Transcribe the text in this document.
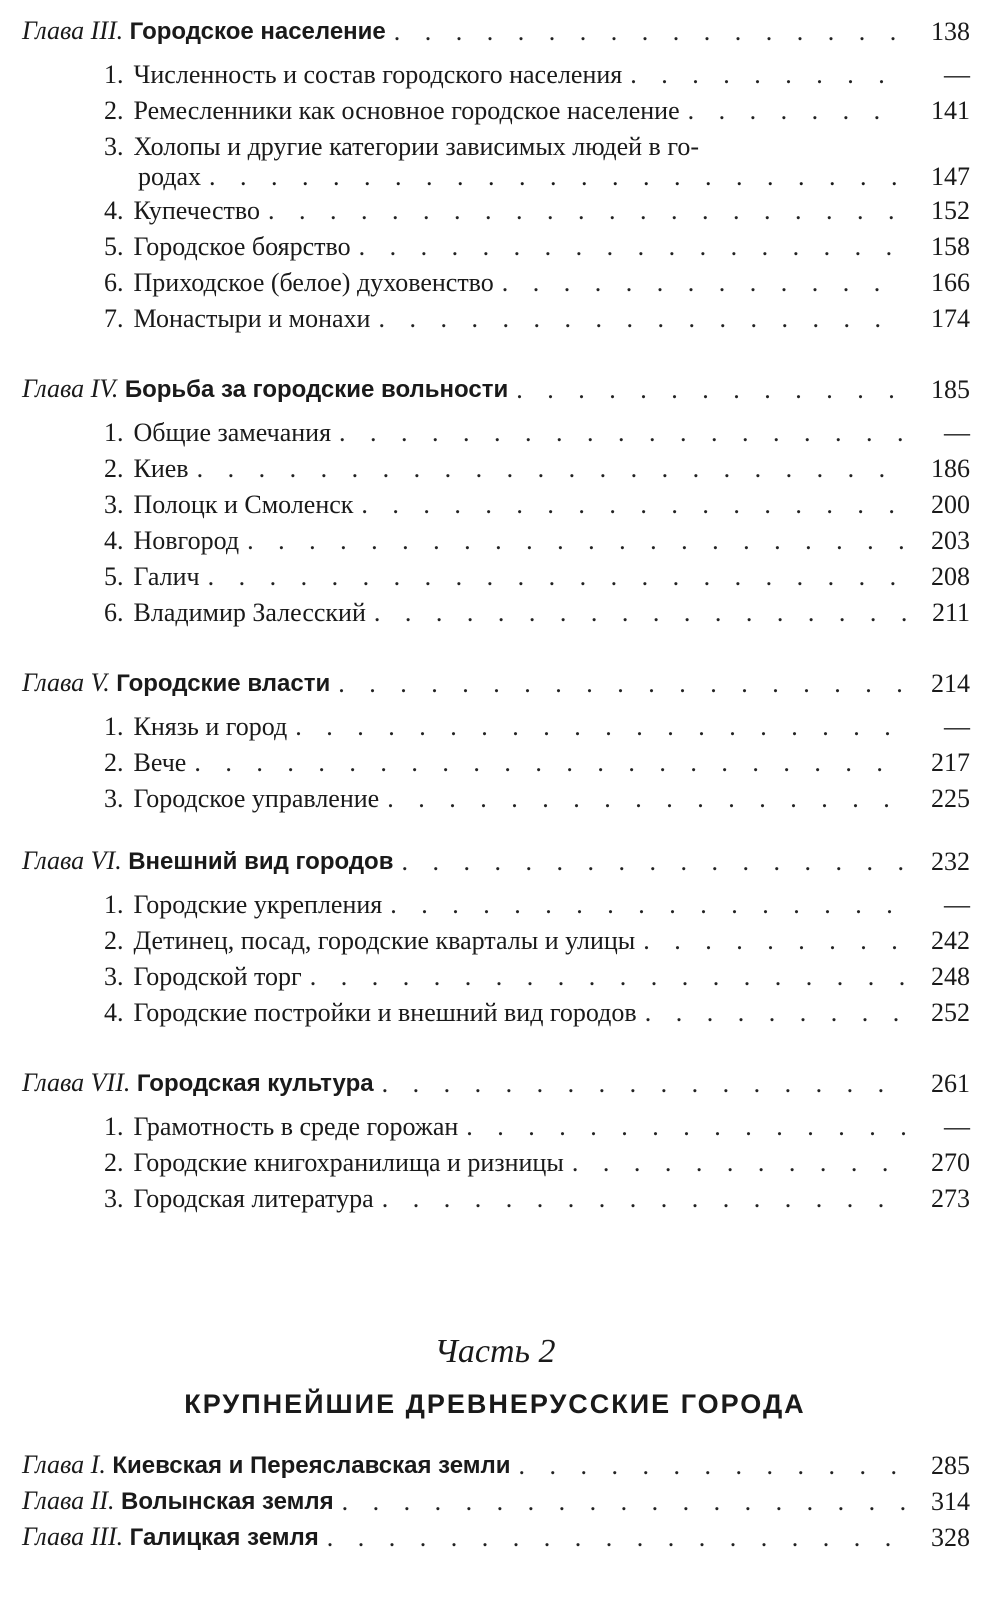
Глава III. Городское население . . .	138
1. Численность и состав городского населения . . .	—
2. Ремесленники как основное городское население . . .	141
3. Холопы и другие категории зависимых людей в го-
родах . . .	147
4. Купечество . . .	152
5. Городское боярство . . .	158
6. Приходское (белое) духовенство . . .	166
7. Монастыри и монахи . . .	174
Глава IV. Борьба за городские вольности . . .	185
1. Общие замечания . . .	—
2. Киев . . .	186
3. Полоцк и Смоленск . . .	200
4. Новгород . . .	203
5. Галич . . .	208
6. Владимир Залесский . . .	211
Глава V. Городские власти . . .	214
1. Князь и город . . .	—
2. Вече . . .	217
3. Городское управление . . .	225
Глава VI. Внешний вид городов . . .	232
1. Городские укрепления . . .	—
2. Детинец, посад, городские кварталы и улицы . . .	242
3. Городской торг . . .	248
4. Городские постройки и внешний вид городов . . .	252
Глава VII. Городская культура . . .	261
1. Грамотность в среде горожан . . .	—
2. Городские книгохранилища и ризницы . . .	270
3. Городская литература . . .	273
Часть 2
КРУПНЕЙШИЕ ДРЕВНЕРУССКИЕ ГОРОДА
Глава I. Киевская и Переяславская земли . . .	285
Глава II. Волынская земля . . .	314
Глава III. Галицкая земля . . .	328
